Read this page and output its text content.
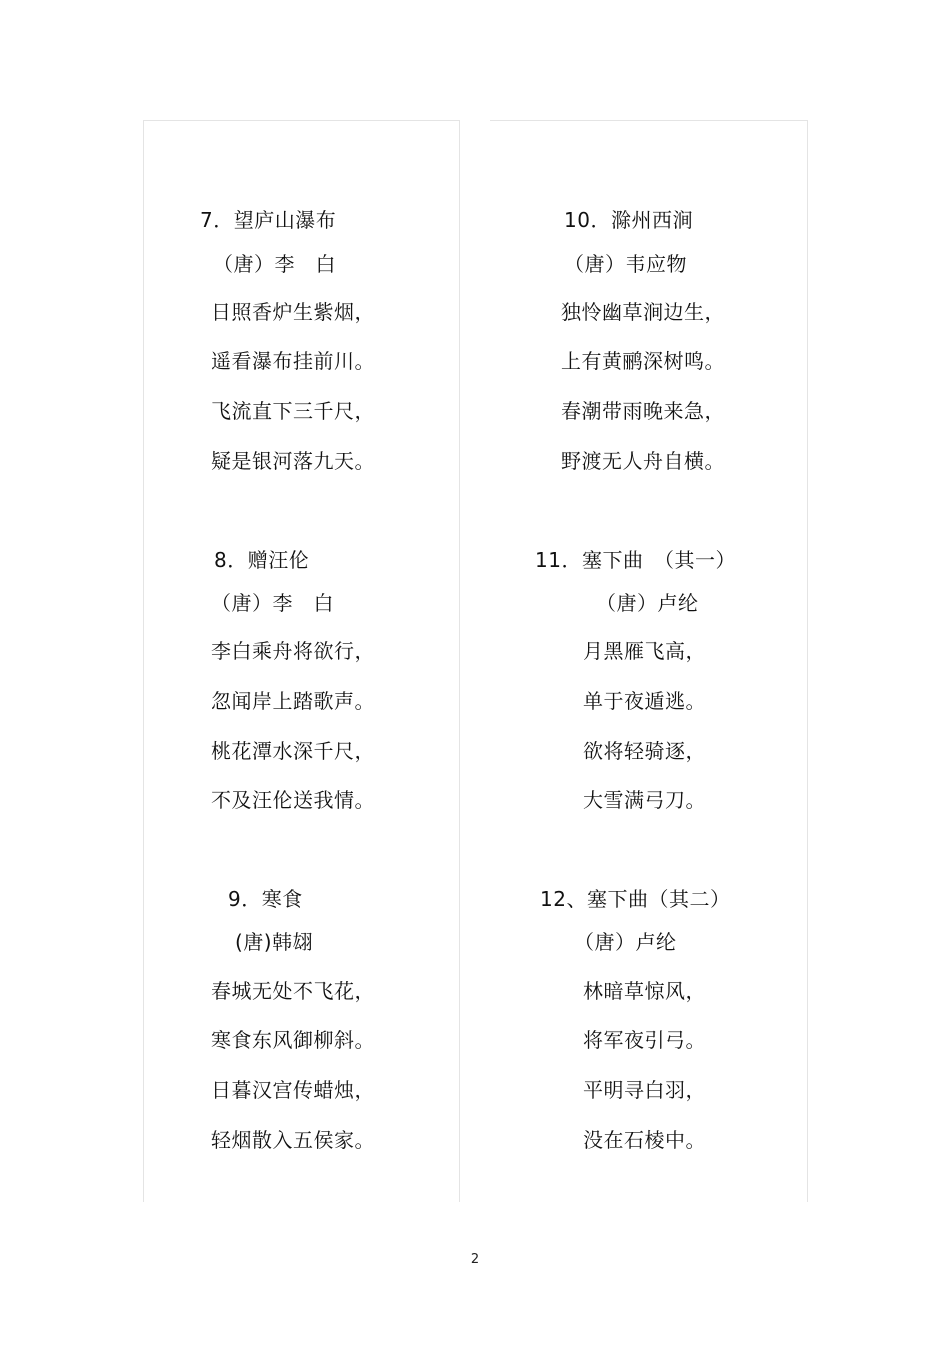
7．望庐山瀑布
（唐）李　白
日照香炉生紫烟，
遥看瀑布挂前川。
飞流直下三千尺，
疑是银河落九天。
8．赠汪伦
（唐）李　白
李白乘舟将欲行，
忽闻岸上踏歌声。
桃花潭水深千尺，
不及汪伦送我情。
9．寒食
(唐)韩翃
春城无处不飞花，
寒食东风御柳斜。
日暮汉宫传蜡烛，
轻烟散入五侯家。
10．滁州西涧
（唐）韦应物
独怜幽草涧边生，
上有黄鹂深树鸣。
春潮带雨晚来急，
野渡无人舟自横。
11．塞下曲　（其一）
（唐）卢纶
月黑雁飞高，
单于夜遁逃。
欲将轻骑逐，
大雪满弓刀。
12、塞下曲（其二）
（唐）卢纶
林暗草惊风，
将军夜引弓。
平明寻白羽，
没在石棱中。
2
